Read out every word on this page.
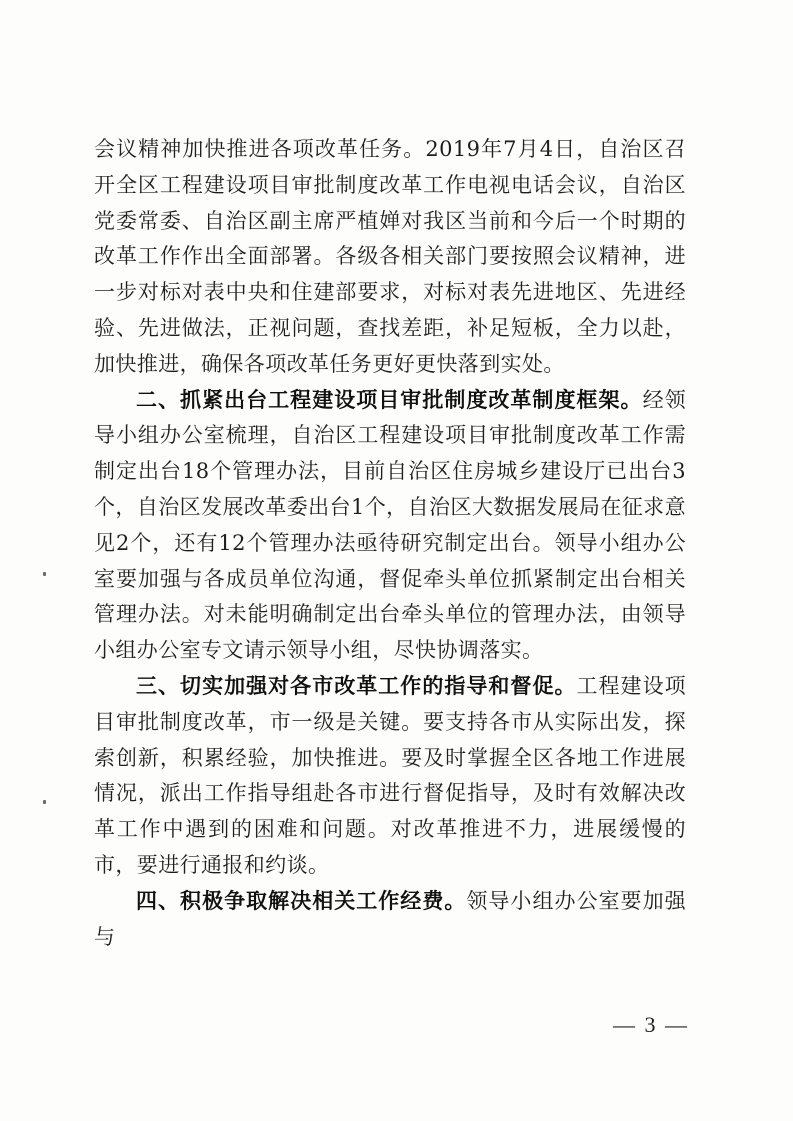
会议精神加快推进各项改革任务。2019年7月4日，自治区召开全区工程建设项目审批制度改革工作电视电话会议，自治区党委常委、自治区副主席严植婵对我区当前和今后一个时期的改革工作作出全面部署。各级各相关部门要按照会议精神，进一步对标对表中央和住建部要求，对标对表先进地区、先进经验、先进做法，正视问题，查找差距，补足短板，全力以赴，加快推进，确保各项改革任务更好更快落到实处。

二、抓紧出台工程建设项目审批制度改革制度框架。经领导小组办公室梳理，自治区工程建设项目审批制度改革工作需制定出台18个管理办法，目前自治区住房城乡建设厅已出台3个，自治区发展改革委出台1个，自治区大数据发展局在征求意见2个，还有12个管理办法亟待研究制定出台。领导小组办公室要加强与各成员单位沟通，督促牵头单位抓紧制定出台相关管理办法。对未能明确制定出台牵头单位的管理办法，由领导小组办公室专文请示领导小组，尽快协调落实。

三、切实加强对各市改革工作的指导和督促。工程建设项目审批制度改革，市一级是关键。要支持各市从实际出发，探索创新，积累经验，加快推进。要及时掌握全区各地工作进展情况，派出工作指导组赴各市进行督促指导，及时有效解决改革工作中遇到的困难和问题。对改革推进不力，进展缓慢的市，要进行通报和约谈。

四、积极争取解决相关工作经费。领导小组办公室要加强与

— 3 —
